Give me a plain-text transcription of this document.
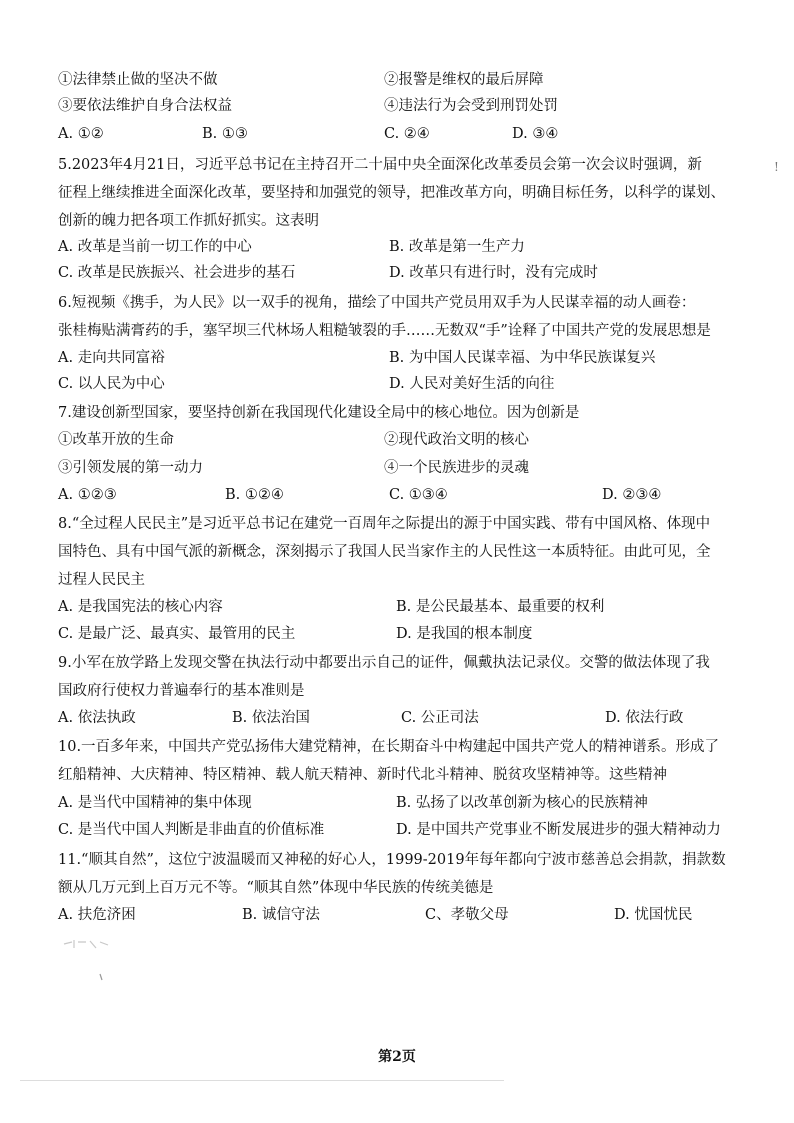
①法律禁止做的坚决不做	②报警是维权的最后屏障
③要依法维护自身合法权益	④违法行为会受到刑罚处罚
A. ①②	B. ①③	C. ②④	D. ③④
5.2023年4月21日，习近平总书记在主持召开二十届中央全面深化改革委员会第一次会议时强调，新
征程上继续推进全面深化改革，要坚持和加强党的领导，把准改革方向，明确目标任务，以科学的谋划、
创新的魄力把各项工作抓好抓实。这表明
A. 改革是当前一切工作的中心	B. 改革是第一生产力
C. 改革是民族振兴、社会进步的基石	D. 改革只有进行时，没有完成时
!
6.短视频《携手，为人民》以一双手的视角，描绘了中国共产党员用双手为人民谋幸福的动人画卷：
张桂梅贴满膏药的手，塞罕坝三代林场人粗糙皱裂的手……无数双“手”诠释了中国共产党的发展思想是
A. 走向共同富裕	B. 为中国人民谋幸福、为中华民族谋复兴
C. 以人民为中心	D. 人民对美好生活的向往
7.建设创新型国家，要坚持创新在我国现代化建设全局中的核心地位。因为创新是
①改革开放的生命	②现代政治文明的核心
③引领发展的第一动力	④一个民族进步的灵魂
A. ①②③	B. ①②④	C. ①③④	D. ②③④
8.“全过程人民民主”是习近平总书记在建党一百周年之际提出的源于中国实践、带有中国风格、体现中
国特色、具有中国气派的新概念，深刻揭示了我国人民当家作主的人民性这一本质特征。由此可见，全
过程人民民主
A. 是我国宪法的核心内容	B. 是公民最基本、最重要的权利
C. 是最广泛、最真实、最管用的民主	D. 是我国的根本制度
9.小军在放学路上发现交警在执法行动中都要出示自己的证件，佩戴执法记录仪。交警的做法体现了我
国政府行使权力普遍奉行的基本准则是
A. 依法执政	B. 依法治国	C. 公正司法	D. 依法行政
10.一百多年来，中国共产党弘扬伟大建党精神，在长期奋斗中构建起中国共产党人的精神谱系。形成了
红船精神、大庆精神、特区精神、载人航天精神、新时代北斗精神、脱贫攻坚精神等。这些精神
A. 是当代中国精神的集中体现	B. 弘扬了以改革创新为核心的民族精神
C. 是当代中国人判断是非曲直的价值标准	D. 是中国共产党事业不断发展进步的强大精神动力
11.“顺其自然”，这位宁波温暖而又神秘的好心人，1999-2019年每年都向宁波市慈善总会捐款，捐款数
额从几万元到上百万元不等。“顺其自然”体现中华民族的传统美德是
A. 扶危济困	B. 诚信守法	C、孝敬父母	D. 忧国忧民
第2页
